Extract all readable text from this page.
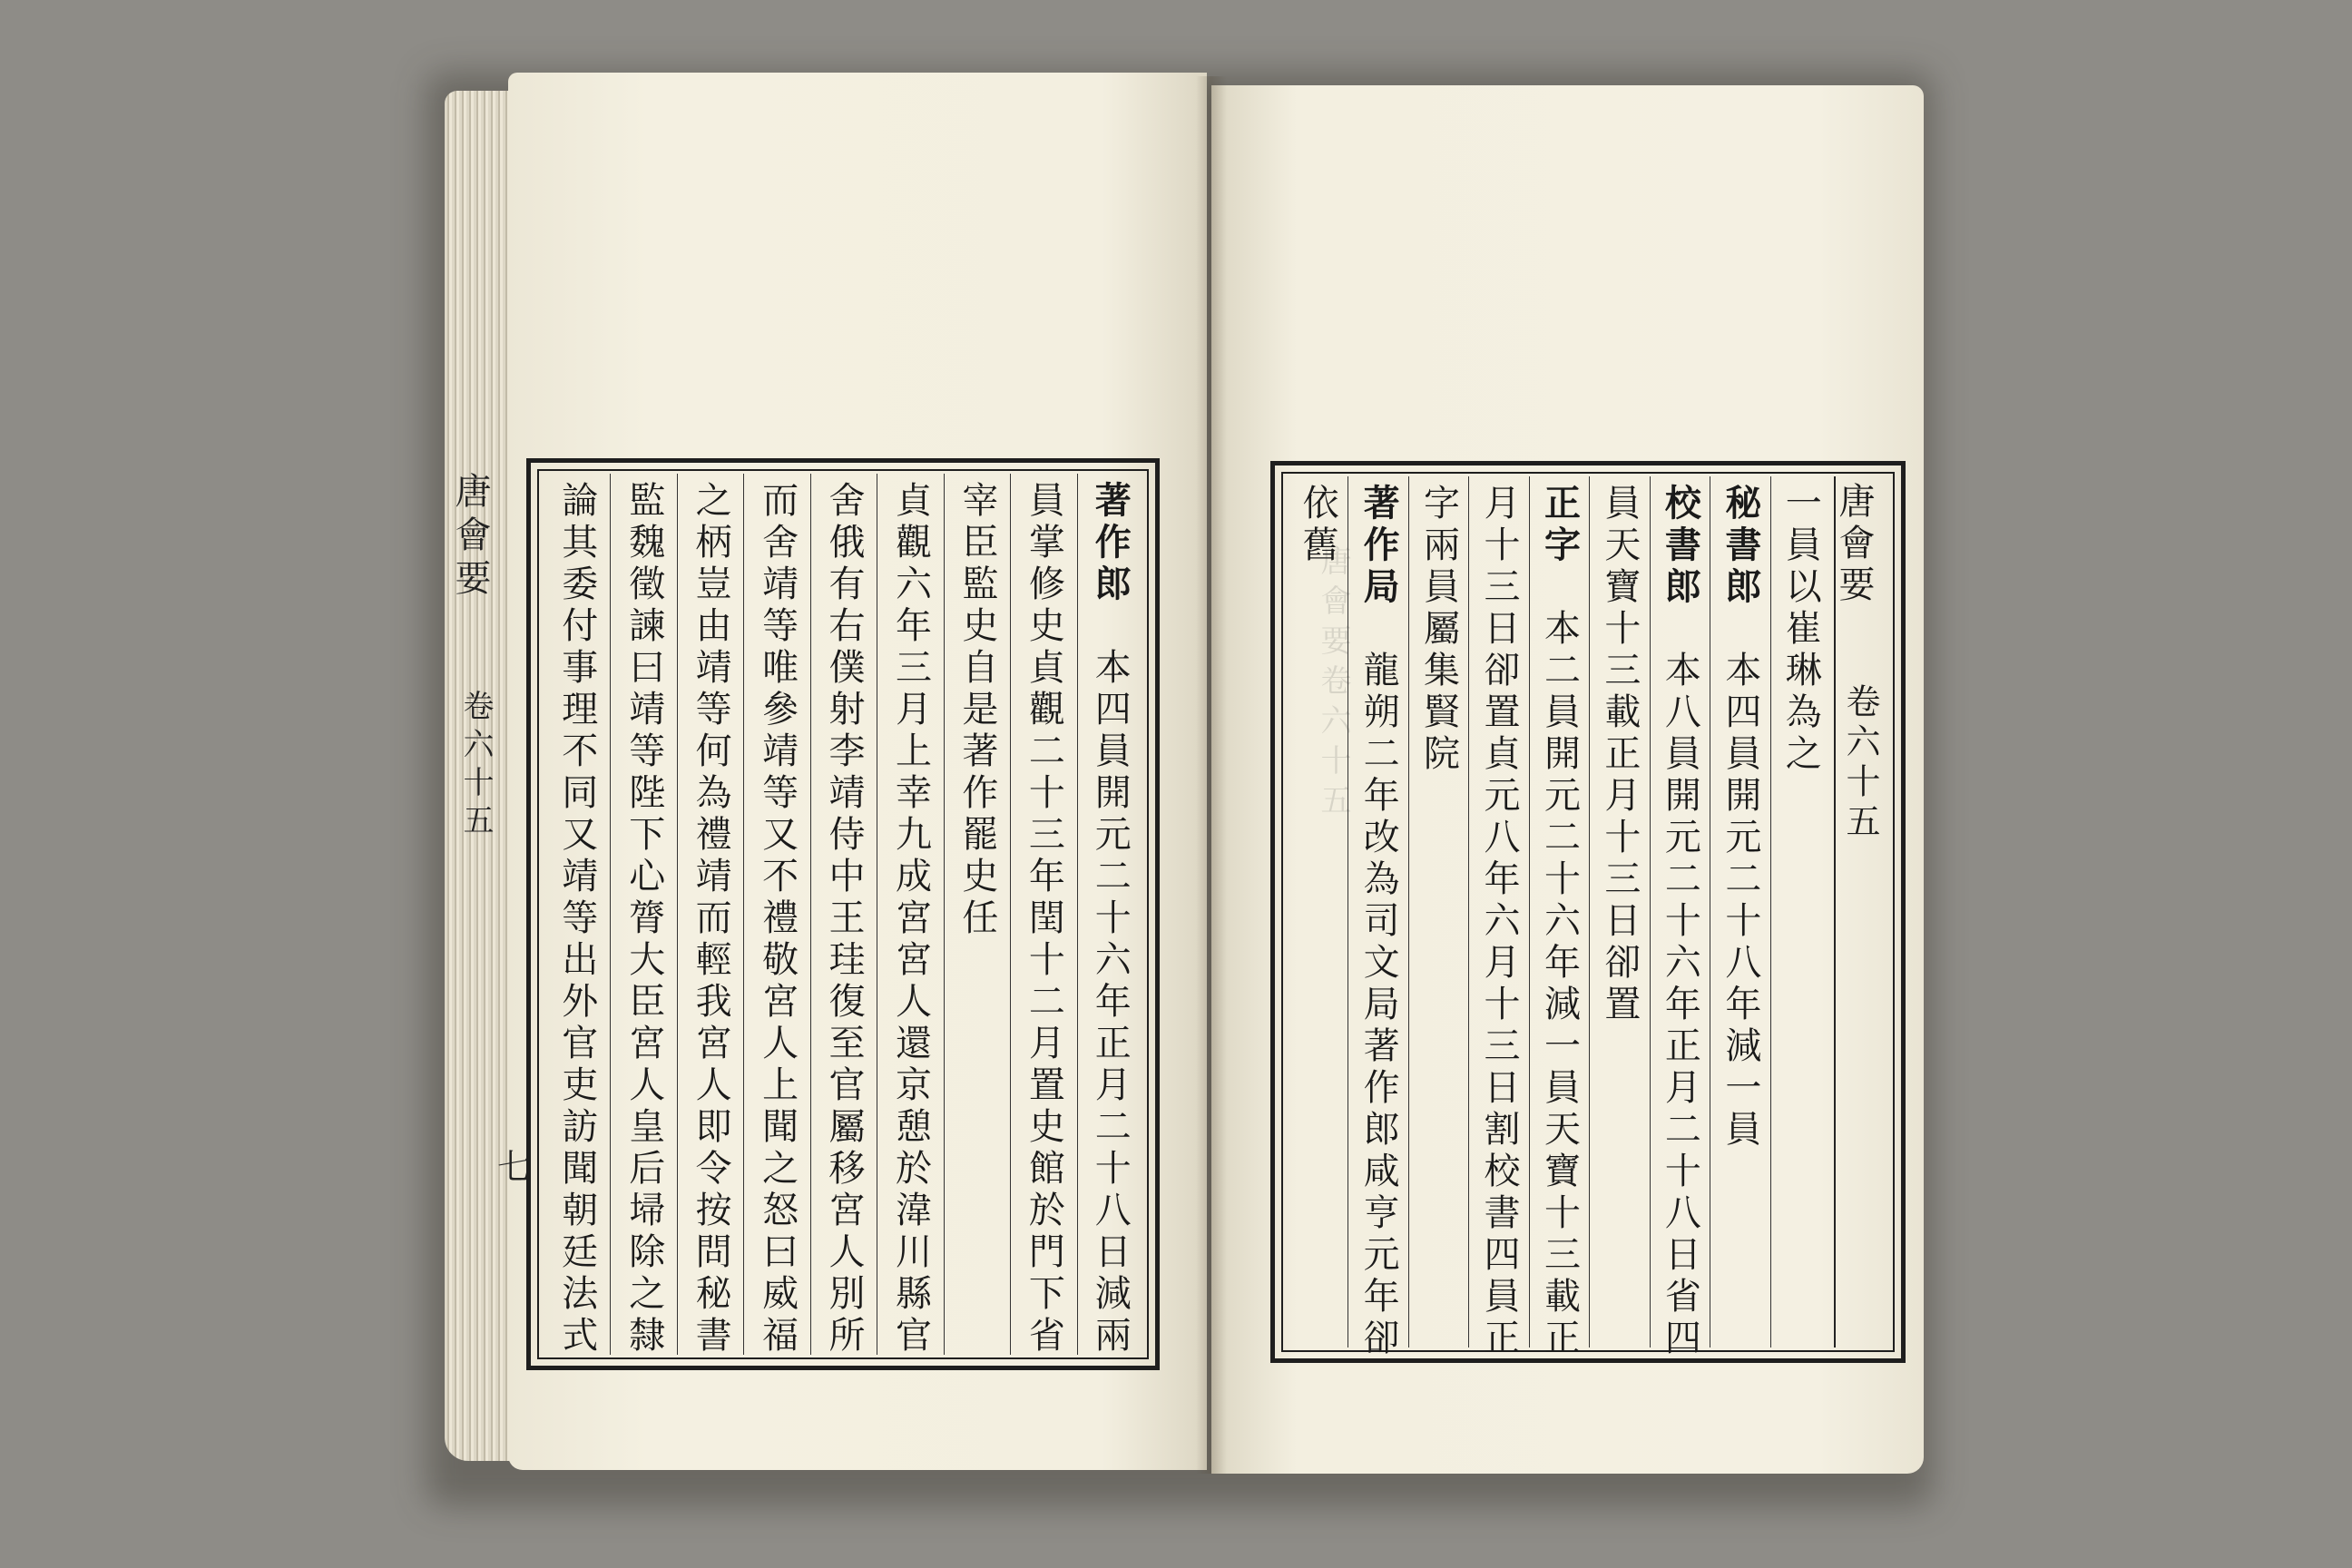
唐會要
卷六十五
七
唐會要卷六十五
著作郎　本四員開元二十六年正月二十八日減兩
員掌修史貞觀二十三年閏十二月置史館於門下省
宰臣監史自是著作罷史任
貞觀六年三月上幸九成宮宮人還京憩於湋川縣官
舍俄有右僕射李靖侍中王珪復至官屬移宮人別所
而舍靖等唯參靖等又不禮敬宮人上聞之怒曰威福
之柄豈由靖等何為禮靖而輕我宮人即令按問秘書
監魏徵諫曰靖等陛下心膂大臣宮人皇后埽除之隸
論其委付事理不同又靖等出外官吏訪聞朝廷法式	一員以崔琳為之
秘書郎　本四員開元二十八年減一員
校書郎　本八員開元二十六年正月二十八日省四
員天寶十三載正月十三日卻置
正字　本二員開元二十六年減一員天寶十三載正
月十三日卻置貞元八年六月十三日割校書四員正
字兩員屬集賢院
著作局　龍朔二年改為司文局著作郎咸亨元年卻
依舊	唐會要
卷六十五
